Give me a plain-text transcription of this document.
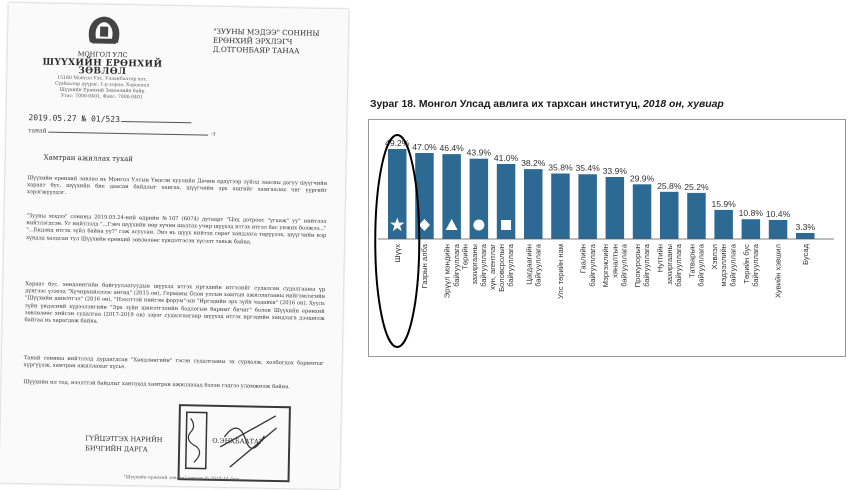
МОНГОЛ УЛС
ШҮҮХИЙН ЕРӨНХИЙ ЗӨВЛӨЛ
15160 Монгол Улс, Улаанбаатар хот,
Сүхбаатар дүүрэг, 1-р хороо, Хороолол
Шүүхийн Ерөнхий Зөвлөлийн байр
Утас: 7000-0401, Факс: 7000-0401
"ЗУУНЫ МЭДЭЭ" СОНИНЫ
ЕРӨНХИЙ ЭРХЛЭГЧ
Д.ОТГОНБАЯР ТАНАА
2019.05.27 № 01/523
танай	-т
Хамтран ажиллах тухай
Шүүхийн ерөнхий зөвлөл нь Монгол Улсын Үндсэн хуулийн Дөчин ердүгээр зүйлд заасны дагуу шүүгчийн хараат бус, шүүхийн бие даасан байдлыг хангах, шүүгчийн эрх ашгийг хамгаалах чиг үүргийг хэрэгжүүлдэг.
"Зууны мэдээ" сонины 2019.05.24-ний өдрийн №107 (6074) дугаарт "Цэц дотроос "угааж" уу" нийтлэл нийтлэгдсэн. Уг нийтлэлд "...Гэвч шүүхийн нөр хүчин шалгах учир шүүхэд итгэх итгэл бас унжих болжээ..." "...Бидэнд итгэх зүйл байна уу?" гэж асуусан. Энэ нь шүүх нийтэд сөрөг хандлага төрүүлэх, шүүгчийн нэр хүндэд халдсан тул Шүүхийн ерөнхий зөвлөлөөс хүндэтгэсэн хүсэлт тавьж байна.
Хараат бус, хөндлөнгийн байгууллагуудын шүүхэд итгэх иргэдийн итгэлийг судалсан судалгааны үр дүнгээс үзэхэд "Хүчирхийллээс ангид" (2015 он), Германы Олон улсын хамтын ажиллагааны нийгэмлэгийн "Шүүхийн шинэтгэл" (2016 он), "Нээлттэй нийгэм форум"-ын "Иргэдийн эрх зүйн чадавхи" (2016 он), Хууль зүйн үндэсний хүрээлэнгийн "Эрх зүйн шинэтгэлийн бодлогын баримт бичиг" болон Шүүхийн ерөнхий зөвлөлөөс хийсэн судалгаа (2017-2019 он) зэрэг судалгаагаар шүүхэд итгэх иргэдийн хандлага дээшилж байгаа нь харагдаж байна.
Танай сонины нийтлэлд дурдагдсан "Хөндлөнгийн" гэсэн судалгааны эх сурвалж, холбогдох баримтыг хүргүүлж, хамтран ажиллахыг хүсье.
Шүүхийн ил тод, нээлттэй байдлыг хангахад хамтран ажиллахад бэлэн гэдгээ уламжилж байна.
ГҮЙЦЭТГЭХ НАРИЙН
БИЧГИЙН ДАРГА
О.ЭНХБААТАР
"Шүүхийн ерөнхий зөвлөл" хэвлэх © 2019 A4 фор.
Зураг 18. Монгол Улсад авлига их тархсан институц, 2018 он, хувиар
49.2%
Шүүх
47.0%
Газрын алба
46.4%
Эрүүл мэндийнбайгууллага
43.9%
Төрийнзахиргааныбайгууллагахүн, агентлаг
41.0%
Боловсролынбайгууллага
38.2%
Цагдаагийнбайгууллага
35.8%
Улс төрийн нам
35.4%
Гаалийнбайгууллага
33.9%
Мэргэжлийнхяналтынбайгууллага
29.9%
Прокурорынбайгууллага
25.8%
Нутгийнзахиргааныбайгууллага
25.2%
Татварынбайгууллага
15.9%
Хэвлэлмэдээллийнбайгууллага
10.8%
Төрийн бусбайгууллага
10.4%
Хувийн хэвшил
3.3%
Бусад
